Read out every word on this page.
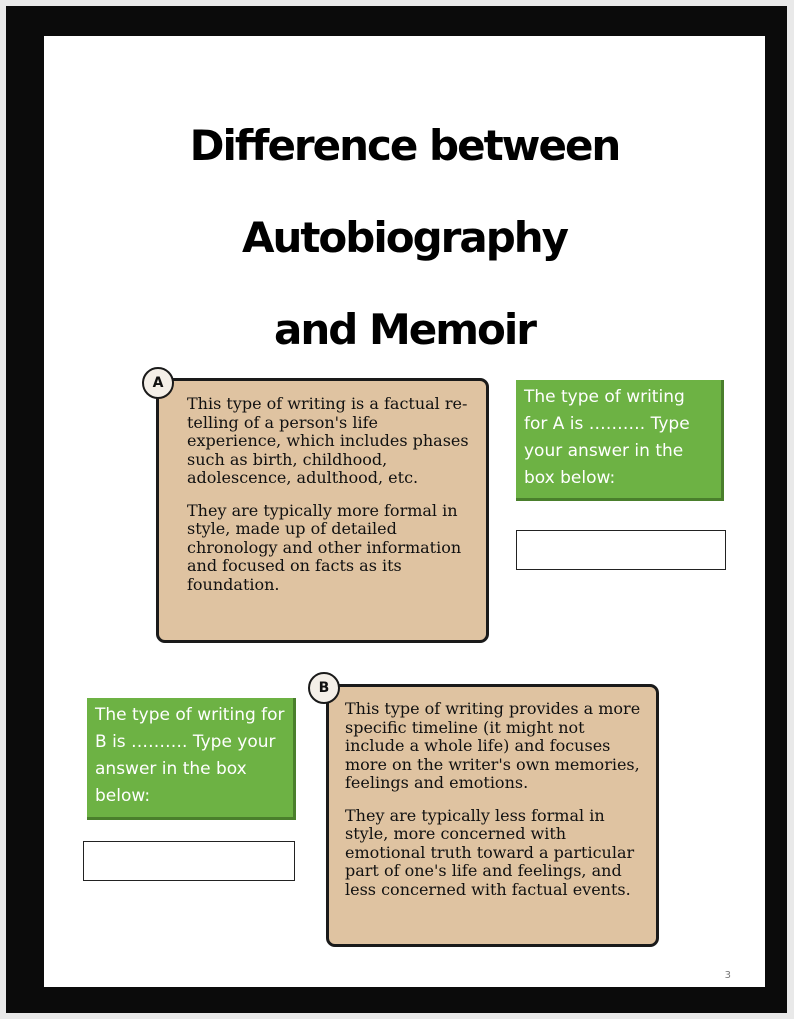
Difference between
Autobiography
and Memoir

This type of writing is a factual re-telling of a person's life experience, which includes phases such as birth, childhood, adolescence, adulthood, etc.

They are typically more formal in style, made up of detailed chronology and other information and focused on facts as its foundation.

A
The type of writing for A is ………. Type your answer in the box below:
The type of writing for B is ………. Type your answer in the box below:

This type of writing provides a more specific timeline (it might not include a whole life) and focuses more on the writer's own memories, feelings and emotions.

They are typically less formal in style, more concerned with emotional truth toward a particular part of one's life and feelings, and less concerned with factual events.

B
3
